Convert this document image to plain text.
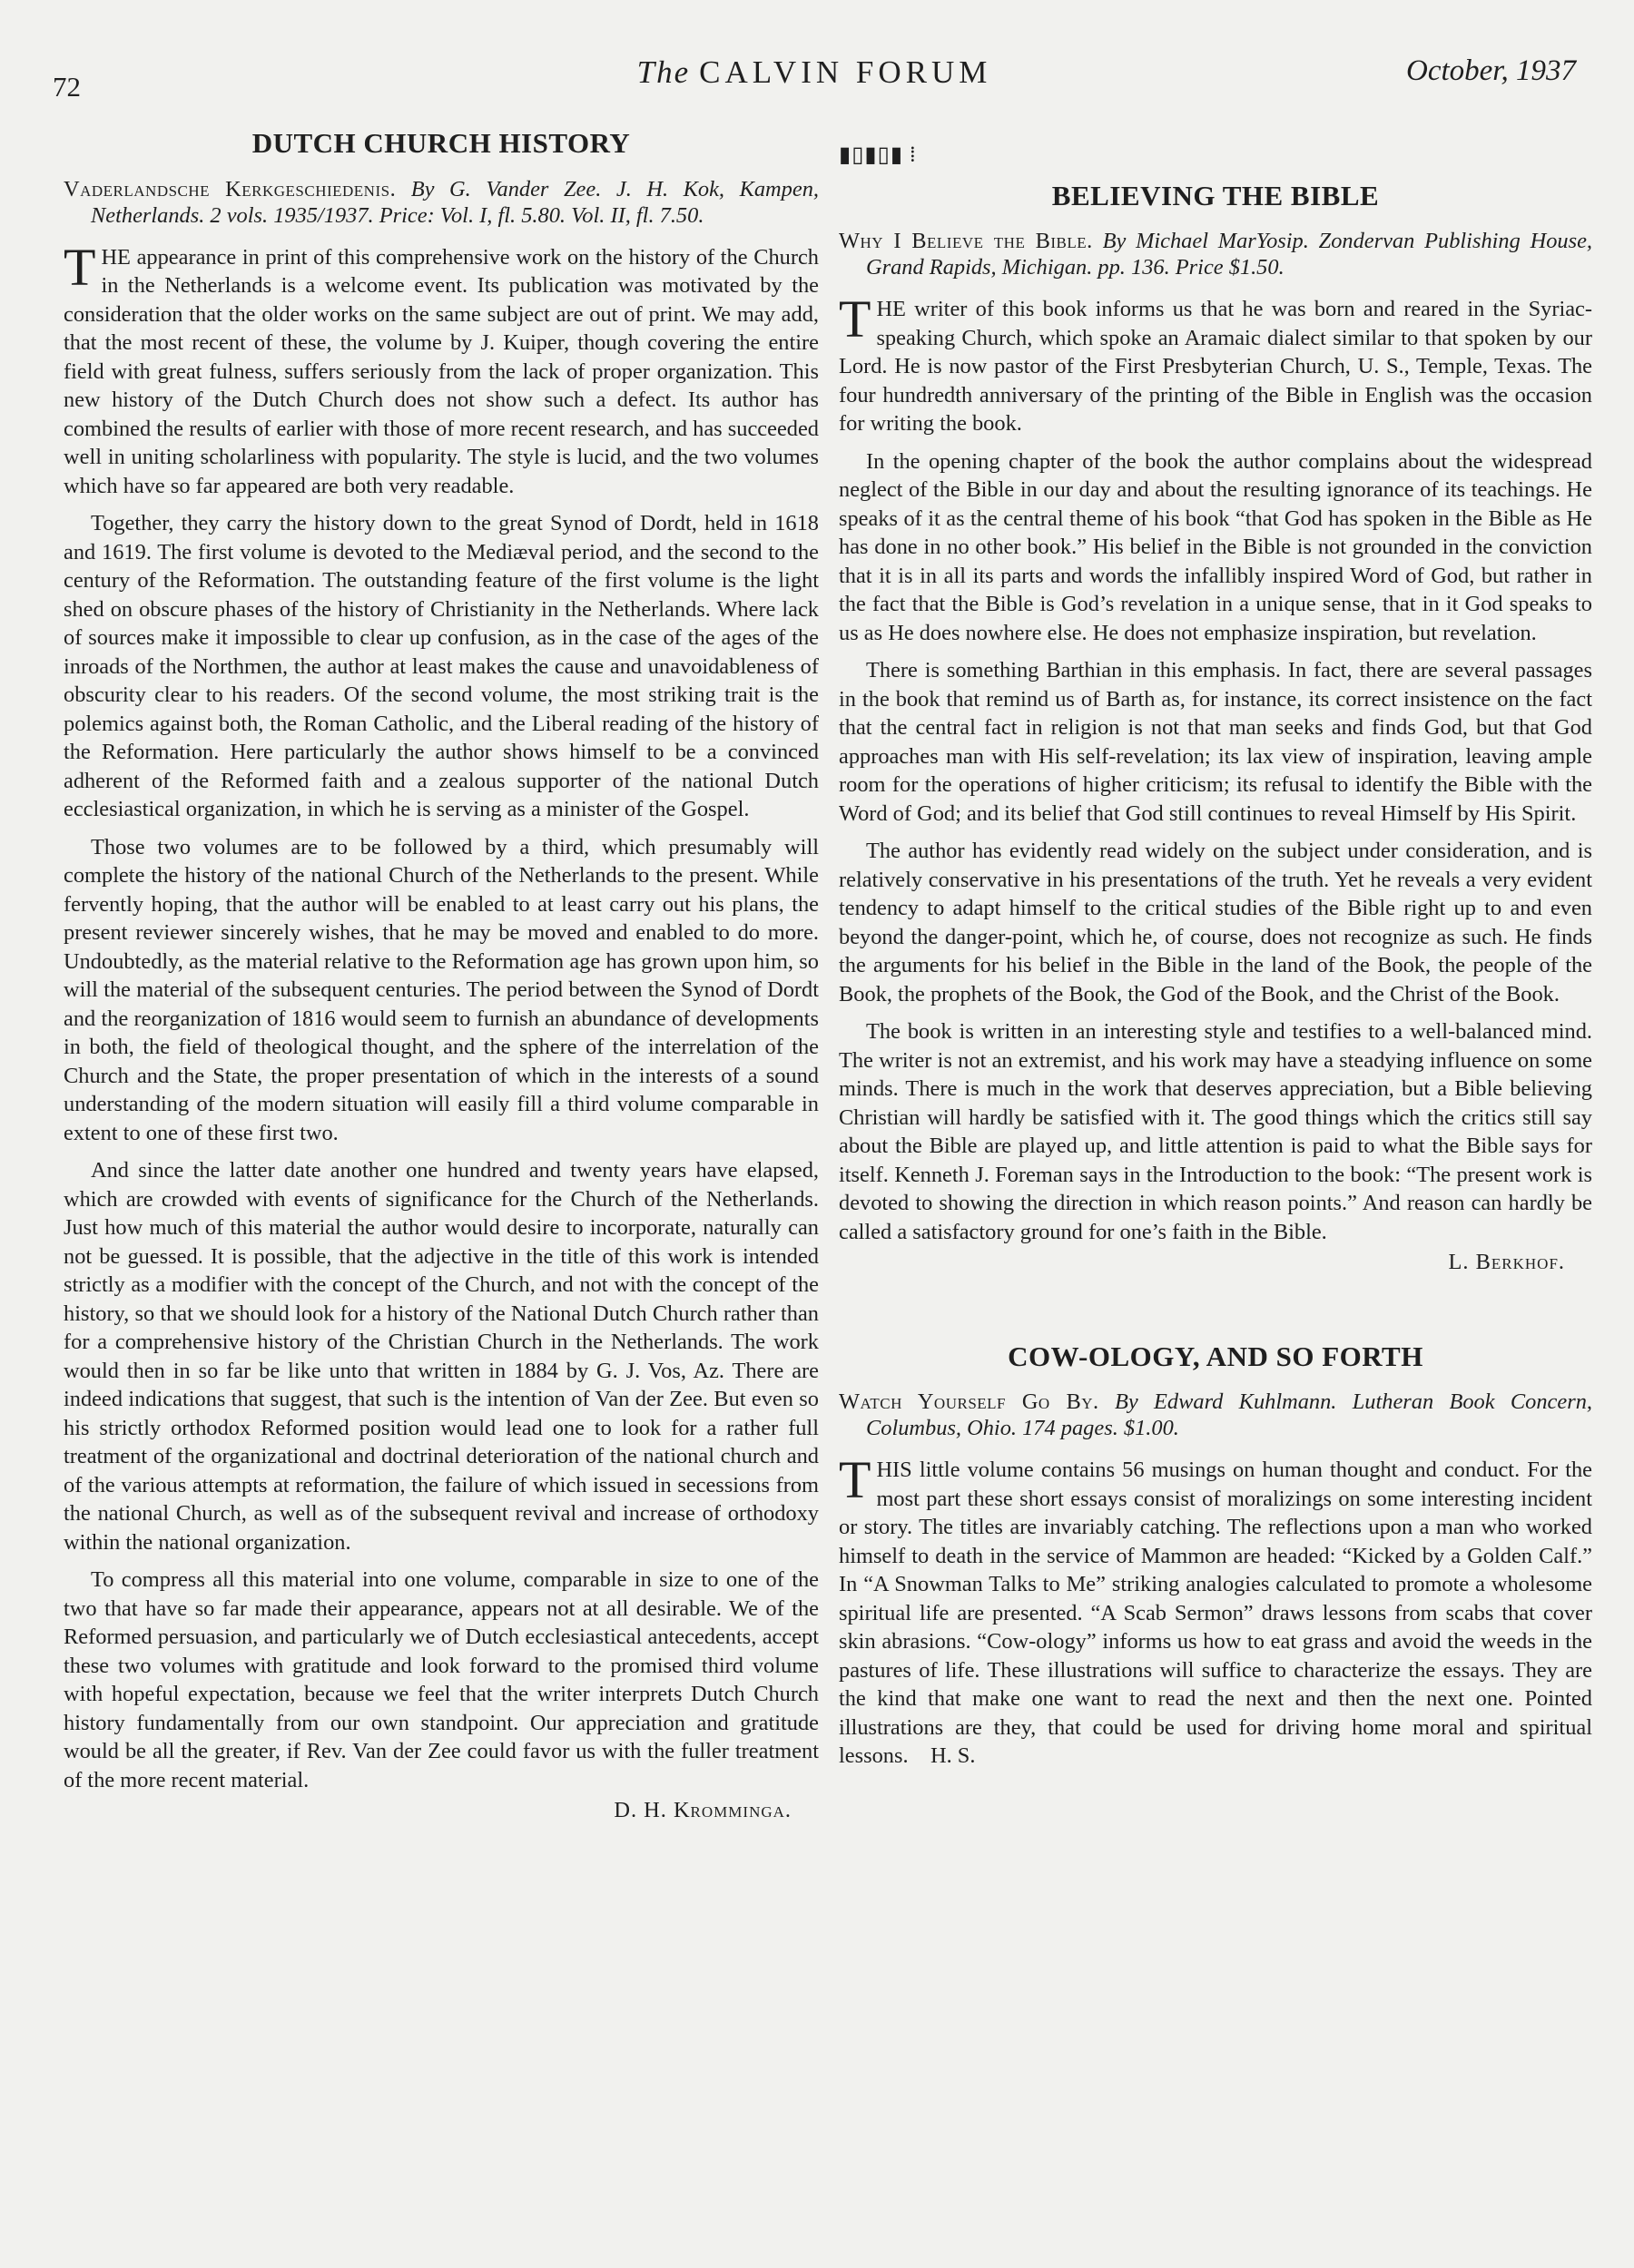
72	The CALVIN FORUM	October, 1937
DUTCH CHURCH HISTORY
Vaderlandsche Kerkgeschiedenis. By G. Vander Zee. J. H. Kok, Kampen, Netherlands. 2 vols. 1935/1937. Price: Vol. I, fl. 5.80. Vol. II, fl. 7.50.

THE appearance in print of this comprehensive work on the history of the Church in the Netherlands is a welcome event. Its publication was motivated by the consideration that the older works on the same subject are out of print. We may add, that the most recent of these, the volume by J. Kuiper, though covering the entire field with great fulness, suffers seriously from the lack of proper organization. This new history of the Dutch Church does not show such a defect. Its author has combined the results of earlier with those of more recent research, and has succeeded well in uniting scholarliness with popularity. The style is lucid, and the two volumes which have so far appeared are both very readable.

Together, they carry the history down to the great Synod of Dordt, held in 1618 and 1619. The first volume is devoted to the Mediæval period, and the second to the century of the Reformation. The outstanding feature of the first volume is the light shed on obscure phases of the history of Christianity in the Netherlands. Where lack of sources make it impossible to clear up confusion, as in the case of the ages of the inroads of the Northmen, the author at least makes the cause and unavoidableness of obscurity clear to his readers. Of the second volume, the most striking trait is the polemics against both, the Roman Catholic, and the Liberal reading of the history of the Reformation. Here particularly the author shows himself to be a convinced adherent of the Reformed faith and a zealous supporter of the national Dutch ecclesiastical organization, in which he is serving as a minister of the Gospel.

Those two volumes are to be followed by a third, which presumably will complete the history of the national Church of the Netherlands to the present. While fervently hoping, that the author will be enabled to at least carry out his plans, the present reviewer sincerely wishes, that he may be moved and enabled to do more. Undoubtedly, as the material relative to the Reformation age has grown upon him, so will the material of the subsequent centuries. The period between the Synod of Dordt and the reorganization of 1816 would seem to furnish an abundance of developments in both, the field of theological thought, and the sphere of the interrelation of the Church and the State, the proper presentation of which in the interests of a sound understanding of the modern situation will easily fill a third volume comparable in extent to one of these first two.

And since the latter date another one hundred and twenty years have elapsed, which are crowded with events of significance for the Church of the Netherlands. Just how much of this material the author would desire to incorporate, naturally can not be guessed. It is possible, that the adjective in the title of this work is intended strictly as a modifier with the concept of the Church, and not with the concept of the history, so that we should look for a history of the National Dutch Church rather than for a comprehensive history of the Christian Church in the Netherlands. The work would then in so far be like unto that written in 1884 by G. J. Vos, Az. There are indeed indications that suggest, that such is the intention of Van der Zee. But even so his strictly orthodox Reformed position would lead one to look for a rather full treatment of the organizational and doctrinal deterioration of the national church and of the various attempts at reformation, the failure of which issued in secessions from the national Church, as well as of the subsequent revival and increase of orthodoxy within the national organization.

To compress all this material into one volume, comparable in size to one of the two that have so far made their appearance, appears not at all desirable. We of the Reformed persuasion, and particularly we of Dutch ecclesiastical antecedents, accept these two volumes with gratitude and look forward to the promised third volume with hopeful expectation, because we feel that the writer interprets Dutch Church history fundamentally from our own standpoint. Our appreciation and gratitude would be all the greater, if Rev. Van der Zee could favor us with the fuller treatment of the more recent material.

D. H. Kromminga.
▮▯▮▯▮ ⁞
BELIEVING THE BIBLE
Why I Believe the Bible. By Michael MarYosip. Zondervan Publishing House, Grand Rapids, Michigan. pp. 136. Price $1.50.

THE writer of this book informs us that he was born and reared in the Syriac-speaking Church, which spoke an Aramaic dialect similar to that spoken by our Lord. He is now pastor of the First Presbyterian Church, U. S., Temple, Texas. The four hundredth anniversary of the printing of the Bible in English was the occasion for writing the book.

In the opening chapter of the book the author complains about the widespread neglect of the Bible in our day and about the resulting ignorance of its teachings. He speaks of it as the central theme of his book “that God has spoken in the Bible as He has done in no other book.” His belief in the Bible is not grounded in the conviction that it is in all its parts and words the infallibly inspired Word of God, but rather in the fact that the Bible is God’s revelation in a unique sense, that in it God speaks to us as He does nowhere else. He does not emphasize inspiration, but revelation.

There is something Barthian in this emphasis. In fact, there are several passages in the book that remind us of Barth as, for instance, its correct insistence on the fact that the central fact in religion is not that man seeks and finds God, but that God approaches man with His self-revelation; its lax view of inspiration, leaving ample room for the operations of higher criticism; its refusal to identify the Bible with the Word of God; and its belief that God still continues to reveal Himself by His Spirit.

The author has evidently read widely on the subject under consideration, and is relatively conservative in his presentations of the truth. Yet he reveals a very evident tendency to adapt himself to the critical studies of the Bible right up to and even beyond the danger-point, which he, of course, does not recognize as such. He finds the arguments for his belief in the Bible in the land of the Book, the people of the Book, the prophets of the Book, the God of the Book, and the Christ of the Book.

The book is written in an interesting style and testifies to a well-balanced mind. The writer is not an extremist, and his work may have a steadying influence on some minds. There is much in the work that deserves appreciation, but a Bible believing Christian will hardly be satisfied with it. The good things which the critics still say about the Bible are played up, and little attention is paid to what the Bible says for itself. Kenneth J. Foreman says in the Introduction to the book: “The present work is devoted to showing the direction in which reason points.” And reason can hardly be called a satisfactory ground for one’s faith in the Bible.

L. Berkhof.
COW-OLOGY, AND SO FORTH
Watch Yourself Go By. By Edward Kuhlmann. Lutheran Book Concern, Columbus, Ohio. 174 pages. $1.00.

THIS little volume contains 56 musings on human thought and conduct. For the most part these short essays consist of moralizings on some interesting incident or story. The titles are invariably catching. The reflections upon a man who worked himself to death in the service of Mammon are headed: “Kicked by a Golden Calf.” In “A Snowman Talks to Me” striking analogies calculated to promote a wholesome spiritual life are presented. “A Scab Sermon” draws lessons from scabs that cover skin abrasions. “Cow-ology” informs us how to eat grass and avoid the weeds in the pastures of life. These illustrations will suffice to characterize the essays. They are the kind that make one want to read the next and then the next one. Pointed illustrations are they, that could be used for driving home moral and spiritual lessons. H. S.
